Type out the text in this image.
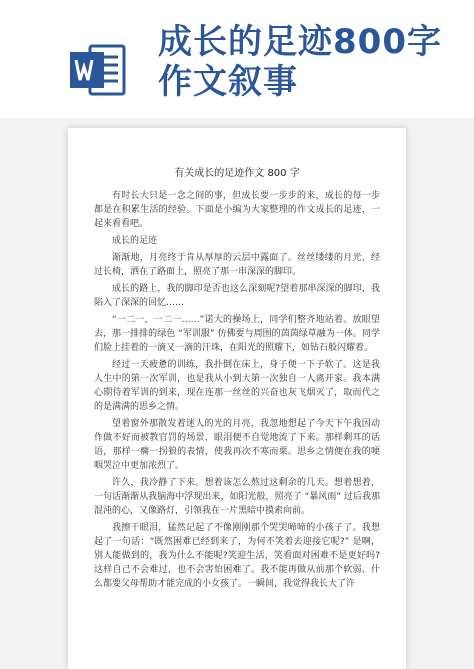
成长的足迹800字作文叙事
有关成长的足迹作文 800 字

有时长大只是一念之间的事，但成长要一步步的来，成长的每一步都是在积累生活的经验。下面是小编为大家整理的作文成长的足迹，一起来看看吧。

成长的足迹

渐渐地，月亮终于肯从厚厚的云层中露面了。丝丝缕缕的月光，经过长椅，洒在了路面上，照亮了那一串深深的脚印。

成长的路上，我的脚印是否也这么深刻呢?望着那串深深的脚印，我陷入了深深的回忆……

“一二一，一二一……”诺大的操场上，同学们整齐地站着。放眼望去，那一排排的绿色 “军训服” 仿佛要与周围的茵茵绿草融为一体。同学们脸上挂着的一滴又一滴的汗珠，在阳光的照耀下，如钻石般闪耀着。

经过一天疲惫的训练，我扑倒在床上，身子便一下子软了。这是我人生中的第一次军训，也是我从小到大第一次独自一人离开家。我本满心期待着军训的到来，现在连那一丝丝的兴奋也灰飞烟灭了，取而代之的是满满的思乡之情。

望着窗外那散发着迷人的光的月亮，我忽地想起了今天下午我因动作做不好而被教官罚的场景，眼泪便不自觉地流了下来。那样剩耳的话语，那样一瘸一拐狼的表情，使我再次不寒而栗。思乡之情便在我的哽咽哭泣中更加浓烈了。

许久，我冷静了下来。想着该怎么熬过这剩余的几天。想着想着，一句话渐渐从我脑海中浮现出来，如阳光般，照亮了 “暴风雨” 过后我那混沌的心，又像路灯，引领我在一片黑暗中摸索向前。

我擦干眼泪，猛然记起了不像刚刚那个哭哭啼啼的小孩子了。我想起了一句话：“既然困难已经到来了，为何不笑着去迎接它呢?” 是啊，别人能做到的，我为什么不能呢?笑迎生活，笑看面对困难不是更好吗?这样自己不会难过，也不会害怕困难了。我不能再做从前那个软弱、什么都要父母帮助才能完成的小女孩了。一瞬间，我觉得我长大了许
